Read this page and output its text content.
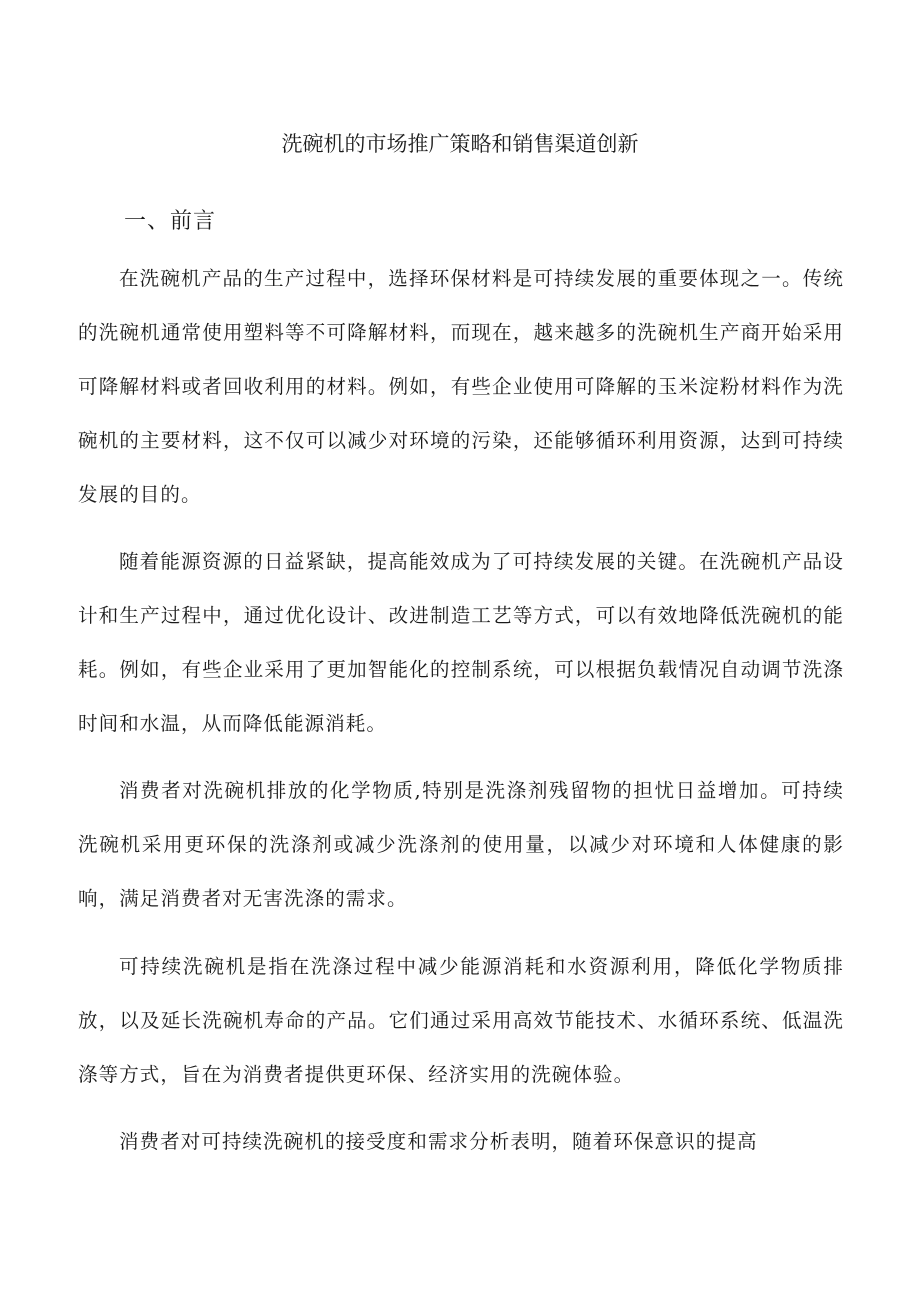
洗碗机的市场推广策略和销售渠道创新
一、前言

在洗碗机产品的生产过程中，选择环保材料是可持续发展的重要体现之一。传统的洗碗机通常使用塑料等不可降解材料，而现在，越来越多的洗碗机生产商开始采用可降解材料或者回收利用的材料。例如，有些企业使用可降解的玉米淀粉材料作为洗碗机的主要材料，这不仅可以减少对环境的污染，还能够循环利用资源，达到可持续发展的目的。

随着能源资源的日益紧缺，提高能效成为了可持续发展的关键。在洗碗机产品设计和生产过程中，通过优化设计、改进制造工艺等方式，可以有效地降低洗碗机的能耗。例如，有些企业采用了更加智能化的控制系统，可以根据负载情况自动调节洗涤时间和水温，从而降低能源消耗。

消费者对洗碗机排放的化学物质,特别是洗涤剂残留物的担忧日益增加。可持续洗碗机采用更环保的洗涤剂或减少洗涤剂的使用量，以减少对环境和人体健康的影响，满足消费者对无害洗涤的需求。

可持续洗碗机是指在洗涤过程中减少能源消耗和水资源利用，降低化学物质排放，以及延长洗碗机寿命的产品。它们通过采用高效节能技术、水循环系统、低温洗涤等方式，旨在为消费者提供更环保、经济实用的洗碗体验。

消费者对可持续洗碗机的接受度和需求分析表明，随着环保意识的提高
